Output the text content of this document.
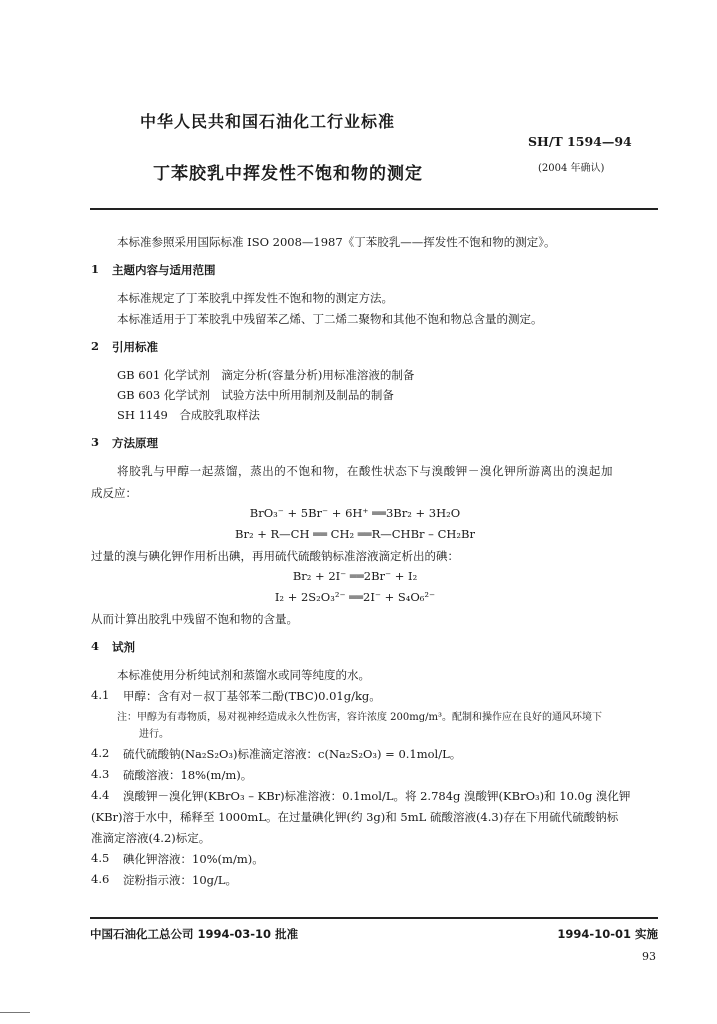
中华人民共和国石油化工行业标准
SH/T 1594—94
丁苯胶乳中挥发性不饱和物的测定	(2004 年确认)
本标准参照采用国际标准 ISO 2008—1987《丁苯胶乳——挥发性不饱和物的测定》。
1 主题内容与适用范围
本标准规定了丁苯胶乳中挥发性不饱和物的测定方法。
本标准适用于丁苯胶乳中残留苯乙烯、丁二烯二聚物和其他不饱和物总含量的测定。
2 引用标准
GB 601 化学试剂　滴定分析(容量分析)用标准溶液的制备
GB 603 化学试剂　试验方法中所用制剂及制品的制备
SH 1149　合成胶乳取样法
3 方法原理
将胶乳与甲醇一起蒸馏，蒸出的不饱和物，在酸性状态下与溴酸钾－溴化钾所游离出的溴起加
成反应：
BrO₃⁻ + 5Br⁻ + 6H⁺ ══3Br₂ + 3H₂O
Br₂ + R—CH ══ CH₂ ══R—CHBr – CH₂Br
过量的溴与碘化钾作用析出碘，再用硫代硫酸钠标准溶液滴定析出的碘：
Br₂ + 2I⁻ ══2Br⁻ + I₂
I₂ + 2S₂O₃²⁻ ══2I⁻ + S₄O₆²⁻
从而计算出胶乳中残留不饱和物的含量。
4 试剂
本标准使用分析纯试剂和蒸馏水或同等纯度的水。
4.1 甲醇：含有对－叔丁基邻苯二酚(TBC)0.01g/kg。
注：甲醇为有毒物质，易对视神经造成永久性伤害，容许浓度 200mg/m³。配制和操作应在良好的通风环境下
进行。
4.2 硫代硫酸钠(Na₂S₂O₃)标准滴定溶液：c(Na₂S₂O₃) = 0.1mol/L。
4.3 硫酸溶液：18%(m/m)。
4.4 溴酸钾－溴化钾(KBrO₃ – KBr)标准溶液：0.1mol/L。将 2.784g 溴酸钾(KBrO₃)和 10.0g 溴化钾
(KBr)溶于水中，稀释至 1000mL。在过量碘化钾(约 3g)和 5mL 硫酸溶液(4.3)存在下用硫代硫酸钠标
准滴定溶液(4.2)标定。
4.5 碘化钾溶液：10%(m/m)。
4.6 淀粉指示液：10g/L。
中国石油化工总公司 1994-03-10 批准	1994-10-01 实施
93
